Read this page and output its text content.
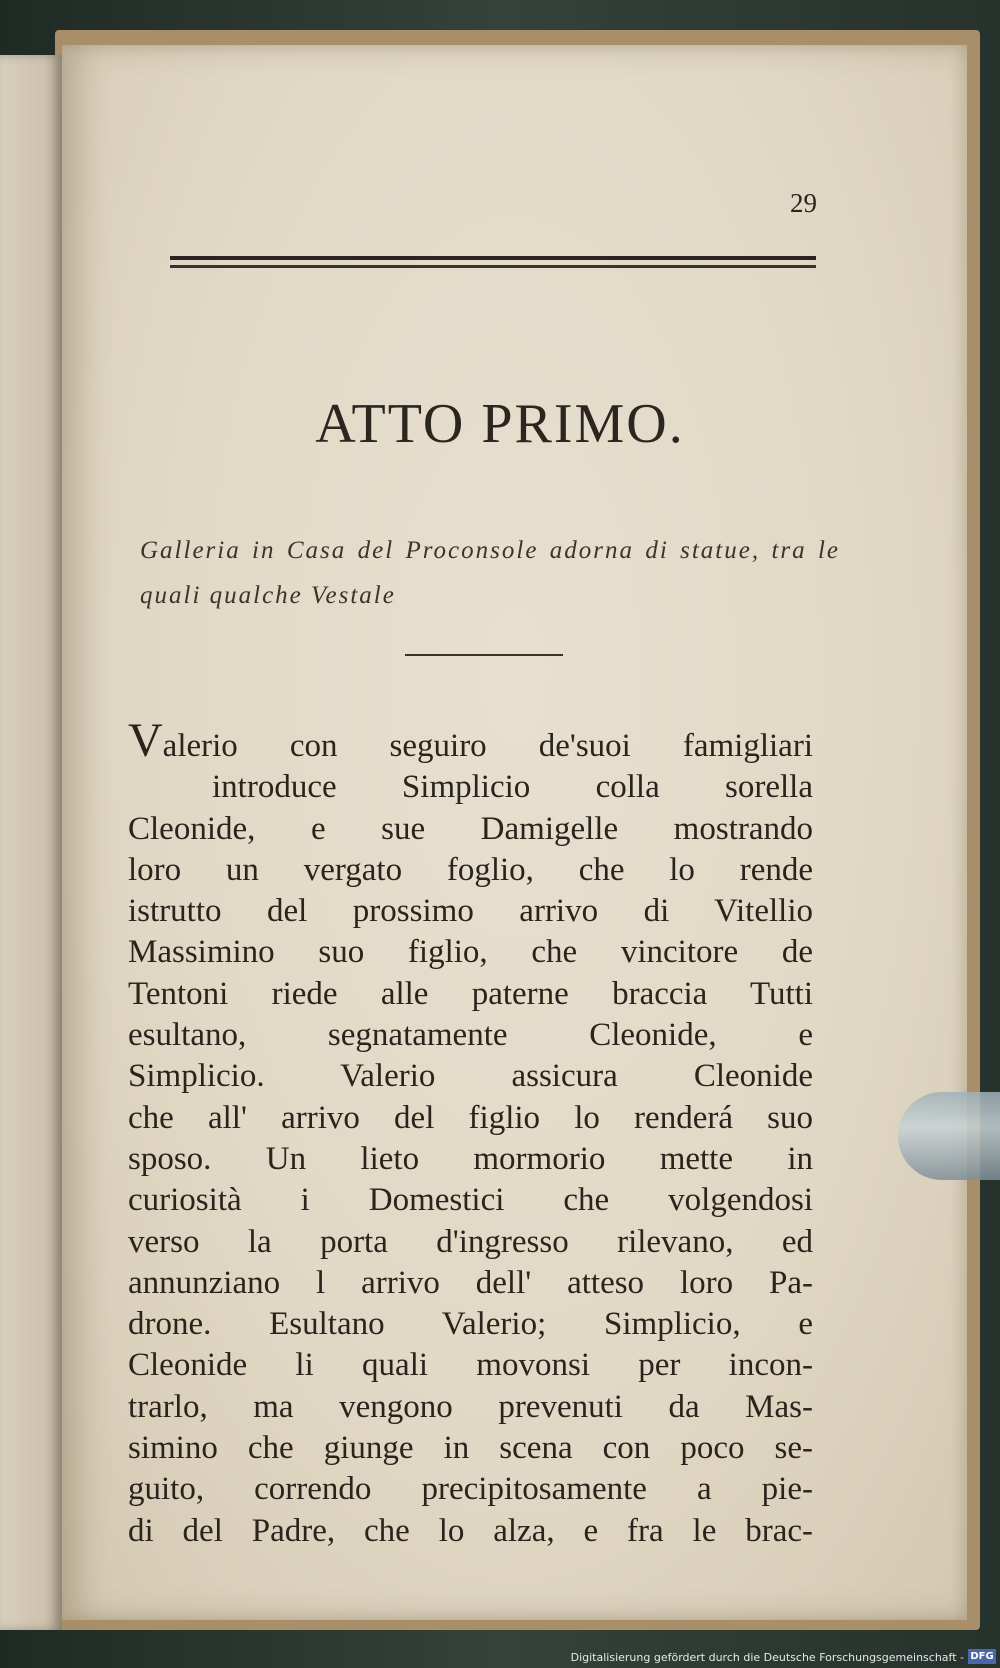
29
ATTO PRIMO.

Galleria in Casa del Proconsole adorna di statue, tra le quali qualche Vestale

Valerio con seguiro de'suoi famigliari
introduce Simplicio colla sorella
Cleonide, e sue Damigelle mostrando
loro un vergato foglio, che lo rende
istrutto del prossimo arrivo di Vitellio
Massimino suo figlio, che vincitore de
Tentoni riede alle paterne braccia Tutti
esultano, segnatamente Cleonide, e
Simplicio. Valerio assicura Cleonide
che all' arrivo del figlio lo renderá suo
sposo. Un lieto mormorio mette in
curiosità i Domestici che volgendosi
verso la porta d'ingresso rilevano, ed
annunziano l arrivo dell' atteso loro Pa-
drone. Esultano Valerio; Simplicio, e
Cleonide li quali movonsi per incon-
trarlo, ma vengono prevenuti da Mas-
simino che giunge in scena con poco se-
guito, correndo precipitosamente a pie-
di del Padre, che lo alza, e fra le brac-
Digitalisierung gefördert durch die Deutsche Forschungsgemeinschaft - DFG
